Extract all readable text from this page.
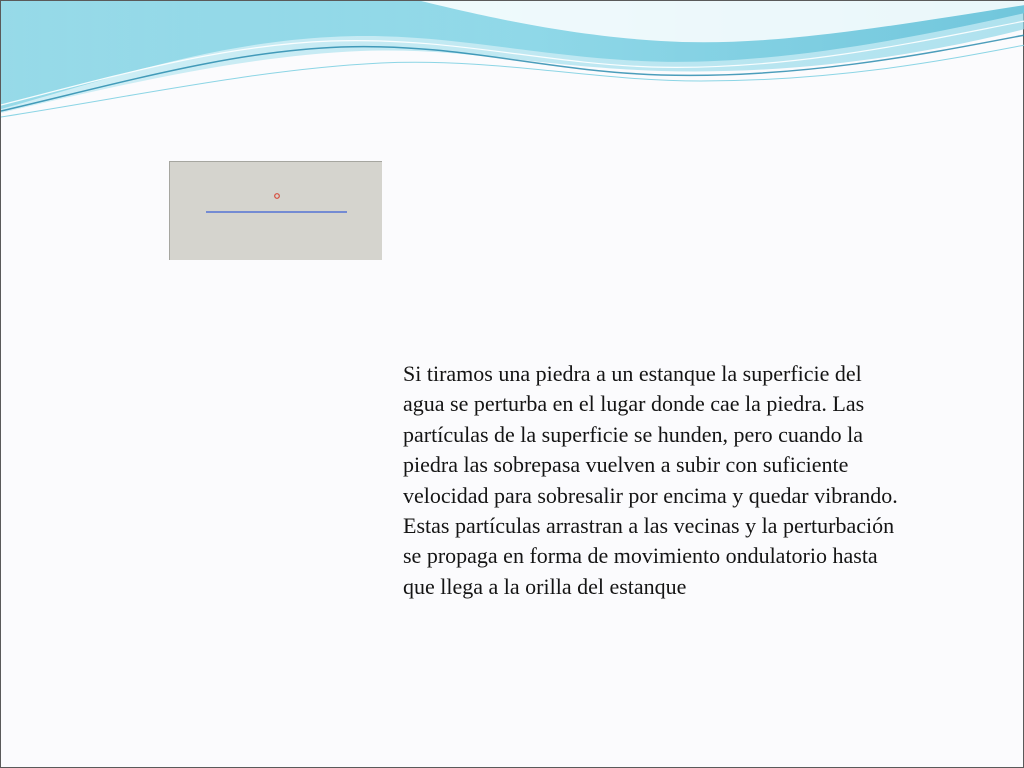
Si tiramos una piedra a un estanque la superficie del agua se perturba en el lugar donde cae la piedra. Las partículas de la superficie se hunden, pero cuando la piedra las sobrepasa vuelven a subir con suficiente velocidad para sobresalir por encima y quedar vibrando. Estas partículas arrastran a las vecinas y la perturbación se propaga en forma de movimiento ondulatorio hasta que llega a la orilla del estanque
